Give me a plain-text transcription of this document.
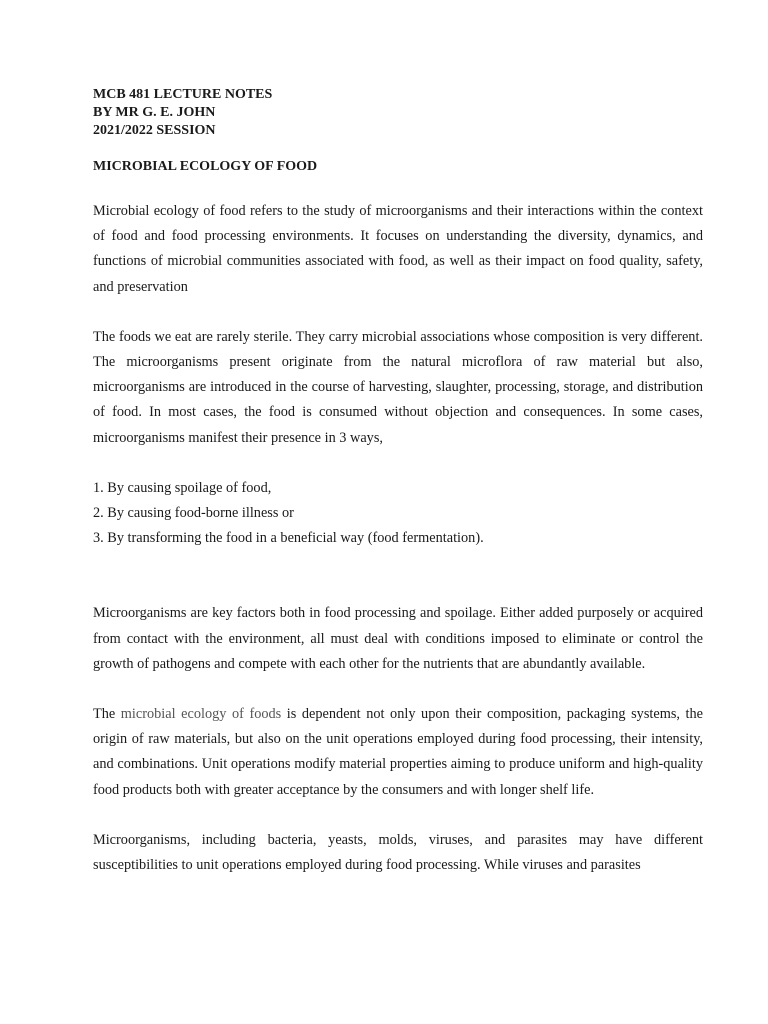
MCB 481 LECTURE NOTES

BY MR G. E. JOHN

2021/2022 SESSION

MICROBIAL ECOLOGY OF FOOD

Microbial ecology of food refers to the study of microorganisms and their interactions within the context of food and food processing environments. It focuses on understanding the diversity, dynamics, and functions of microbial communities associated with food, as well as their impact on food quality, safety, and preservation

The foods we eat are rarely sterile. They carry microbial associations whose composition is very different. The microorganisms present originate from the natural microflora of raw material but also, microorganisms are introduced in the course of harvesting, slaughter, processing, storage, and distribution of food. In most cases, the food is consumed without objection and consequences. In some cases, microorganisms manifest their presence in 3 ways,

1. By causing spoilage of food,
2. By causing food-borne illness or
3. By transforming the food in a beneficial way (food fermentation).

Microorganisms are key factors both in food processing and spoilage. Either added purposely or acquired from contact with the environment, all must deal with conditions imposed to eliminate or control the growth of pathogens and compete with each other for the nutrients that are abundantly available.

The microbial ecology of foods is dependent not only upon their composition, packaging systems, the origin of raw materials, but also on the unit operations employed during food processing, their intensity, and combinations. Unit operations modify material properties aiming to produce uniform and high-quality food products both with greater acceptance by the consumers and with longer shelf life.

Microorganisms, including bacteria, yeasts, molds, viruses, and parasites may have different susceptibilities to unit operations employed during food processing. While viruses and parasites
